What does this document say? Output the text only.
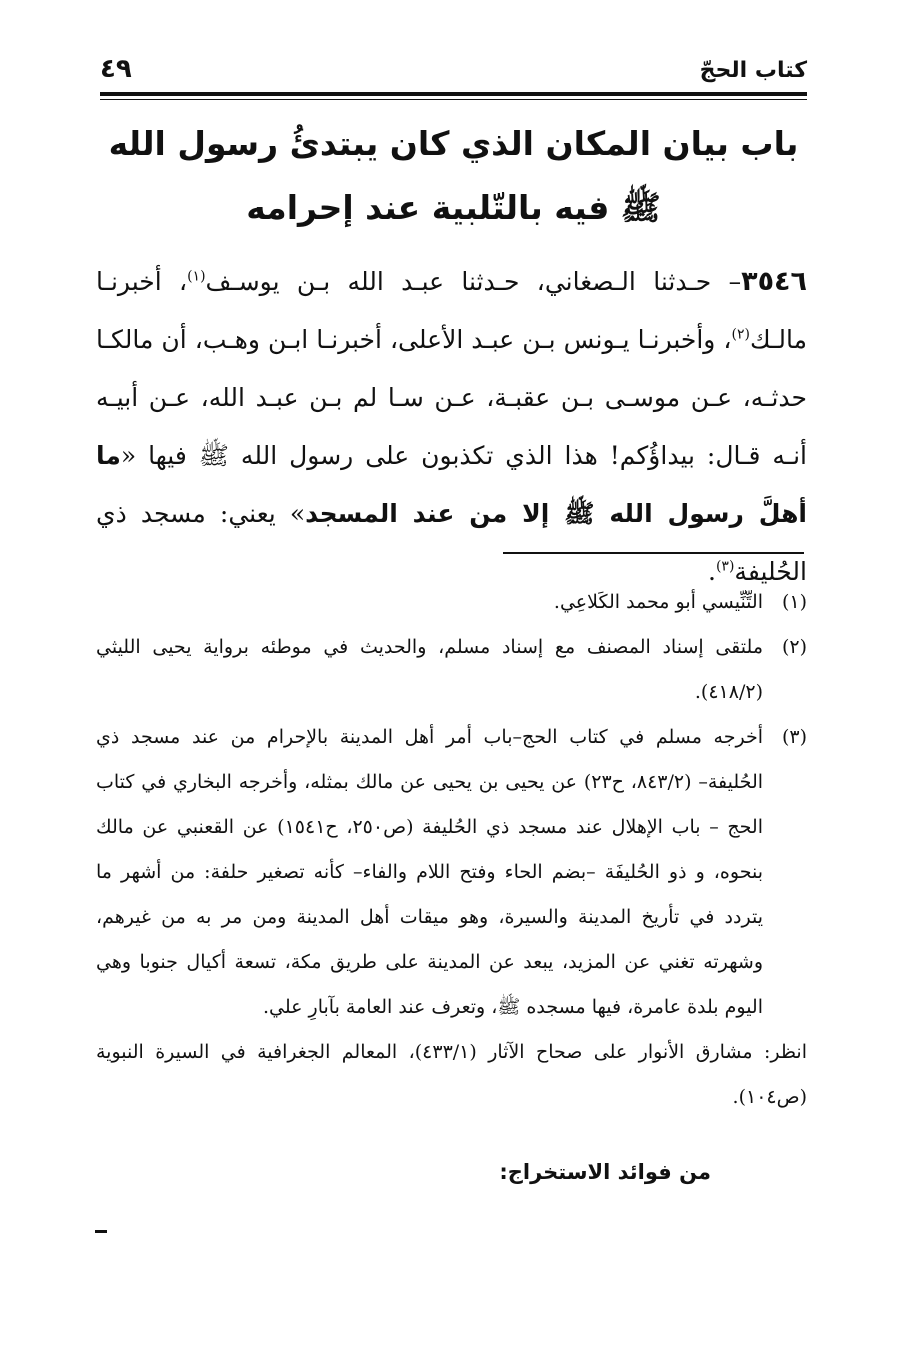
كتاب الحجّ
٤٩
باب بيان المكان الذي كان يبتدئُ رسول الله ﷺ فيه بالتّلبية عند إحرامه

٣٥٤٦– حـدثنا الـصغاني، حـدثنا عبـد الله بـن يوسـف$^{(١)}$، أخبرنـا مالـك$^{(٢)}$، وأخبرنـا يـونس بـن عبـد الأعلى، أخبرنـا ابـن وهـب، أن مالكـا حدثـه، عـن موسـى بـن عقبـة، عـن سـا لم بـن عبـد الله، عـن أبيـه أنـه قـال: بيداؤُكم! هذا الذي تكذبون على رسول الله ﷺ فيها «ما أهلَّ رسول الله ﷺ إلا من عند المسجد» يعني: مسجد ذي الحُليفة$^{(٣)}$.

(١)
التِّنِّيسي أبو محمد الكَلاعِي.

(٢)
ملتقى إسناد المصنف مع إسناد مسلم، والحديث في موطئه برواية يحيى الليثي (٤١٨/٢).

(٣)
أخرجه مسلم في كتاب الحج–باب أمر أهل المدينة بالإحرام من عند مسجد ذي الحُليفة– (٨٤٣/٢، ح٢٣) عن يحيى بن يحيى عن مالك بمثله، وأخرجه البخاري في كتاب الحج – باب الإهلال عند مسجد ذي الحُليفة (ص٢٥٠، ح١٥٤١) عن القعنبي عن مالك بنحوه، و ذو الحُليفَة –بضم الحاء وفتح اللام والفاء– كأنه تصغير حلفة: من أشهر ما يتردد في تأريخ المدينة والسيرة، وهو ميقات أهل المدينة ومن مر به من غيرهم، وشهرته تغني عن المزيد، يبعد عن المدينة على طريق مكة، تسعة أكيال جنوبا وهي اليوم بلدة عامرة، فيها مسجده ﷺ، وتعرف عند العامة بآبارِ علي.

انظر: مشارق الأنوار على صحاح الآثار (٤٣٣/١)، المعالم الجغرافية في السيرة النبوية (ص١٠٤).

من فوائد الاستخراج:
